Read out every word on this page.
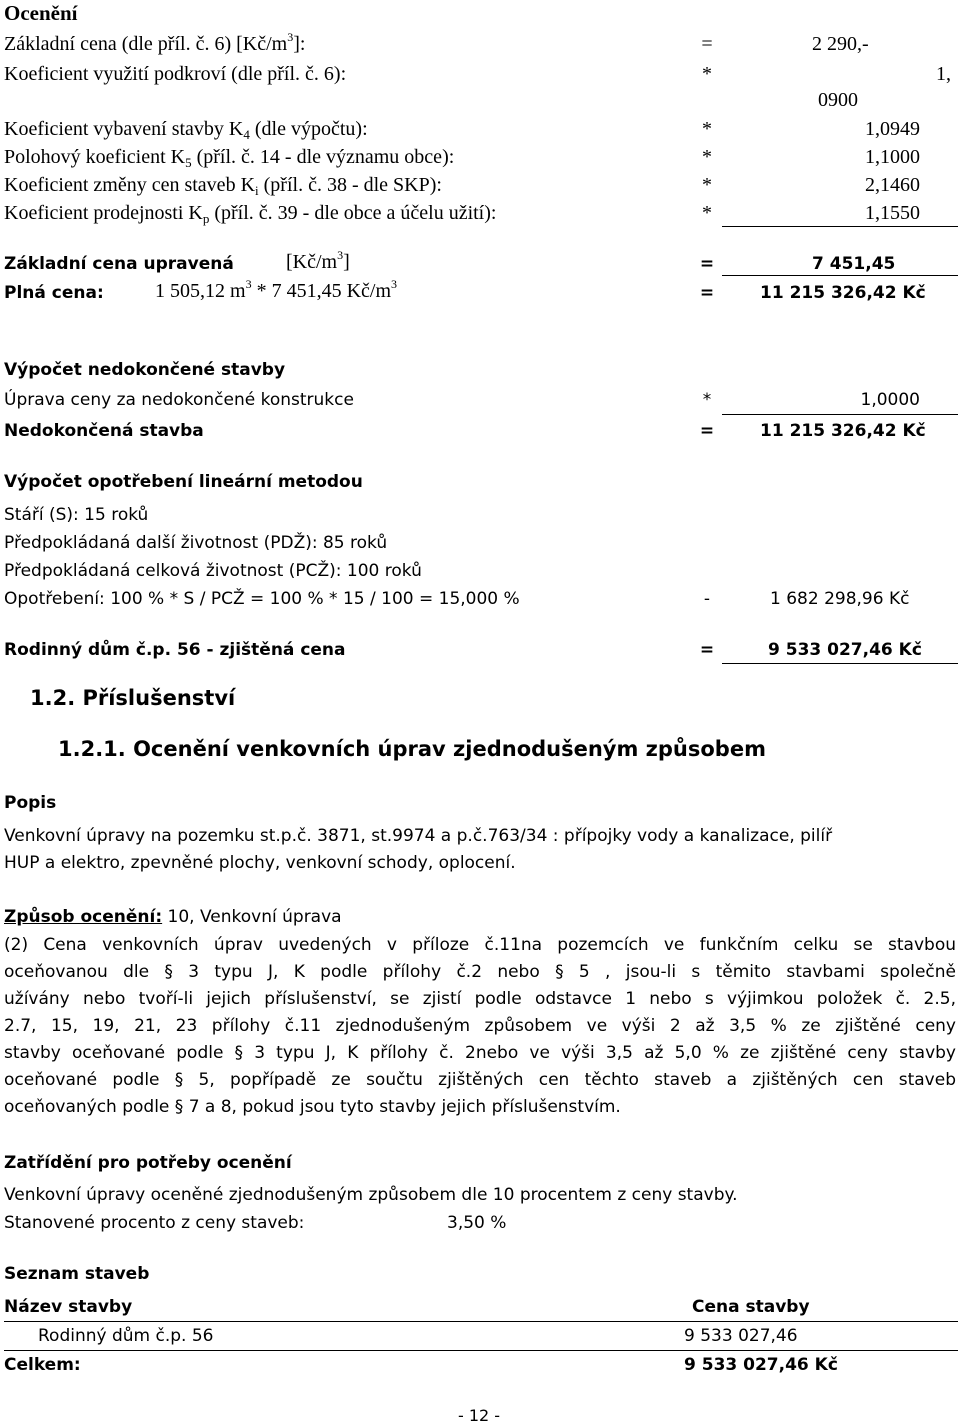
Ocenění
Základní cena (dle příl. č. 6) $[Kč/m^3]$:	=	2 290,-
Koeficient využití podkroví (dle příl. č. 6):	*	1,
0900
Koeficient vybavení stavby $K_4$ (dle výpočtu):	*	1,0949
Polohový koeficient $K_5$ (příl. č. 14 - dle významu obce):	*	1,1000
Koeficient změny cen staveb $K_i$ (příl. č. 38 - dle SKP):	*	2,1460
Koeficient prodejnosti $K_p$ (příl. č. 39 - dle obce a účelu užití):	*	1,1550
Základní cena upravená	$[Kč/m^3]$	=	7 451,45
Plná cena:	1 505,12 $m^3 * 7$ 451,45 $Kč/m^3$	=	11 215 326,42 Kč
Výpočet nedokončené stavby
Úprava ceny za nedokončené konstrukce	*	1,0000
Nedokončená stavba	=	11 215 326,42 Kč
Výpočet opotřebení lineární metodou
Stáří (S): 15 roků
Předpokládaná další životnost (PDŽ): 85 roků
Předpokládaná celková životnost (PCŽ): 100 roků
Opotřebení: 100 % * S / PCŽ = 100 % * 15 / 100 = 15,000 %	-	1 682 298,96 Kč
Rodinný dům č.p. 56 - zjištěná cena	=	9 533 027,46 Kč
1.2. Příslušenství
1.2.1. Ocenění venkovních úprav zjednodušeným způsobem
Popis
Venkovní úpravy na pozemku st.p.č. 3871, st.9974 a p.č.763/34 : přípojky vody a kanalizace, pilíř
HUP a elektro, zpevněné plochy, venkovní schody, oplocení.
Způsob ocenění: 10, Venkovní úprava
(2) Cena venkovních úprav uvedených v příloze č.11na pozemcích ve funkčním celku se stavbou
oceňovanou dle § 3 typu J, K podle přílohy č.2 nebo § 5 , jsou-li s těmito stavbami společně
užívány nebo tvoří-li jejich příslušenství, se zjistí podle odstavce 1 nebo s výjimkou položek č. 2.5,
2.7, 15, 19, 21, 23 přílohy č.11 zjednodušeným způsobem ve výši 2 až 3,5 % ze zjištěné ceny
stavby oceňované podle § 3 typu J, K přílohy č. 2nebo ve výši 3,5 až 5,0 % ze zjištěné ceny stavby
oceňované podle § 5, popřípadě ze součtu zjištěných cen těchto staveb a zjištěných cen staveb
oceňovaných podle § 7 a 8, pokud jsou tyto stavby jejich příslušenstvím.
Zatřídění pro potřeby ocenění
Venkovní úpravy oceněné zjednodušeným způsobem dle 10 procentem z ceny stavby.
Stanovené procento z ceny staveb:	3,50 %
Seznam staveb
Název stavby	Cena stavby
Rodinný dům č.p. 56	9 533 027,46
Celkem:	9 533 027,46 Kč
- 12 -
